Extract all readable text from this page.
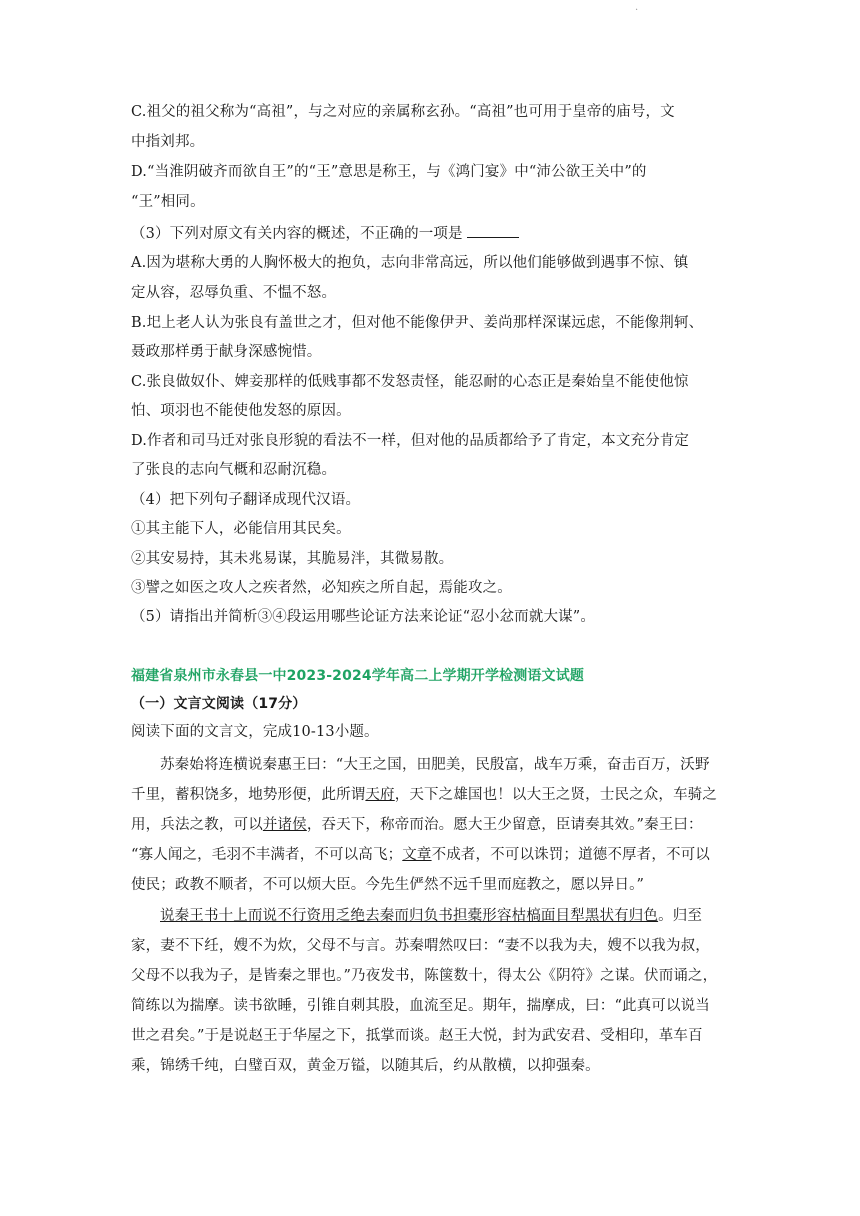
.
C.祖父的祖父称为“高祖”，与之对应的亲属称玄孙。“高祖”也可用于皇帝的庙号，文
中指刘邦。
D.“当淮阴破齐而欲自王”的“王”意思是称王，与《鸿门宴》中“沛公欲王关中”的
“王”相同。
（3）下列对原文有关内容的概述，不正确的一项是
A.因为堪称大勇的人胸怀极大的抱负，志向非常高远，所以他们能够做到遇事不惊、镇
定从容，忍辱负重、不愠不怒。
B.圯上老人认为张良有盖世之才，但对他不能像伊尹、姜尚那样深谋远虑，不能像荆轲、
聂政那样勇于献身深感惋惜。
C.张良做奴仆、婢妾那样的低贱事都不发怒责怪，能忍耐的心态正是秦始皇不能使他惊
怕、项羽也不能使他发怒的原因。
D.作者和司马迁对张良形貌的看法不一样，但对他的品质都给予了肯定，本文充分肯定
了张良的志向气概和忍耐沉稳。
（4）把下列句子翻译成现代汉语。
①其主能下人，必能信用其民矣。
②其安易持，其未兆易谋，其脆易泮，其微易散。
③譬之如医之攻人之疾者然，必知疾之所自起，焉能攻之。
（5）请指出并简析③④段运用哪些论证方法来论证“忍小忿而就大谋”。
福建省泉州市永春县一中2023-2024学年高二上学期开学检测语文试题
（一）文言文阅读（17分）
阅读下面的文言文，完成10-13小题。
苏秦始将连横说秦惠王曰：“大王之国，田肥美，民殷富，战车万乘，奋击百万，沃野
千里，蓄积饶多，地势形便，此所谓天府，天下之雄国也！以大王之贤，士民之众，车骑之
用，兵法之教，可以并诸侯，吞天下，称帝而治。愿大王少留意，臣请奏其效。”秦王曰：
“寡人闻之，毛羽不丰满者，不可以高飞；文章不成者，不可以诛罚；道德不厚者，不可以
使民；政教不顺者，不可以烦大臣。今先生俨然不远千里而庭教之，愿以异日。”
说秦王书十上而说不行资用乏绝去秦而归负书担橐形容枯槁面目犁黑状有归色。归至
家，妻不下纴，嫂不为炊，父母不与言。苏秦喟然叹曰：“妻不以我为夫，嫂不以我为叔，
父母不以我为子，是皆秦之罪也。”乃夜发书，陈箧数十，得太公《阴符》之谋。伏而诵之，
简练以为揣摩。读书欲睡，引锥自刺其股，血流至足。期年，揣摩成，曰：“此真可以说当
世之君矣。”于是说赵王于华屋之下，抵掌而谈。赵王大悦，封为武安君、受相印，革车百
乘，锦绣千纯，白璧百双，黄金万镒，以随其后，约从散横，以抑强秦。
